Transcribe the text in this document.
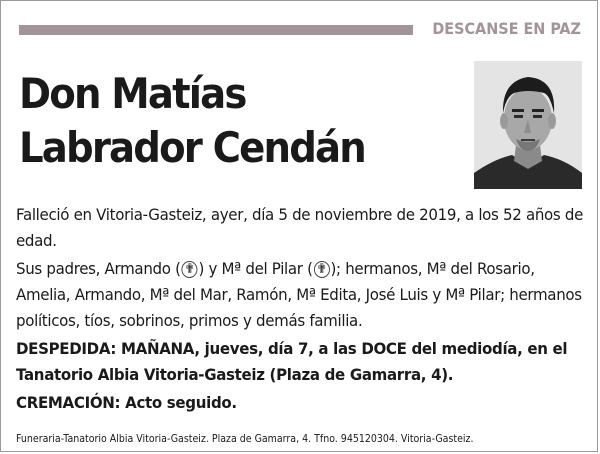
DESCANSE EN PAZ
Don Matías
Labrador Cendán

Falleció en Vitoria-Gasteiz, ayer, día 5 de noviembre de 2019, a los 52 años de edad.

Sus padres, Armando ( ✟ ) y Mª del Pilar ( ✟ ); hermanos, Mª del Rosario, Amelia, Armando, Mª del Mar, Ramón, Mª Edita, José Luis y Mª Pilar; hermanos políticos, tíos, sobrinos, primos y demás familia.

DESPEDIDA: MAÑANA, jueves, día 7, a las DOCE del mediodía, en el Tanatorio Albia Vitoria-Gasteiz (Plaza de Gamarra, 4).

CREMACIÓN: Acto seguido.

Funeraria-Tanatorio Albia Vitoria-Gasteiz. Plaza de Gamarra, 4. Tfno. 945120304. Vitoria-Gasteiz.
